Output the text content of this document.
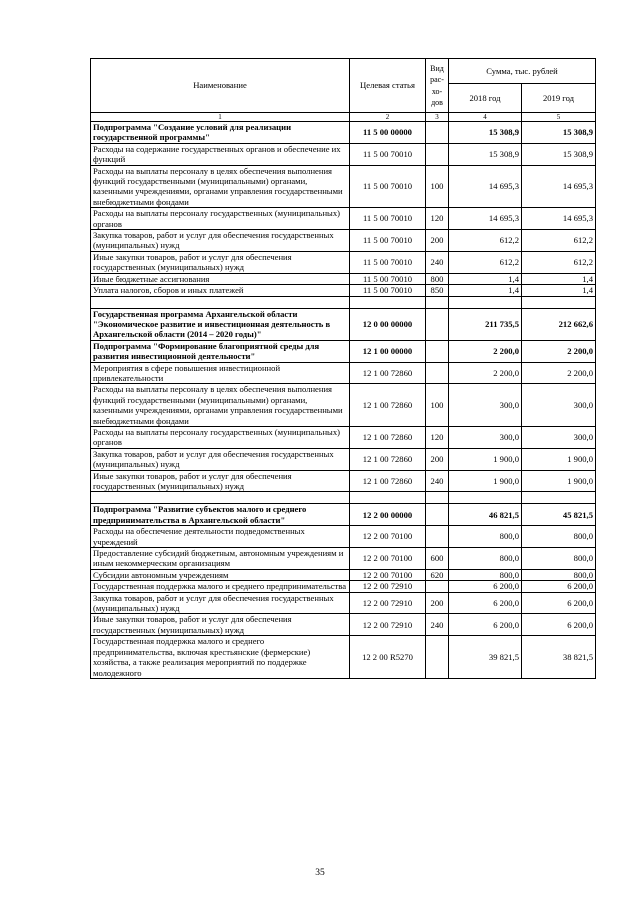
Наименование	Целевая статья	Вид рас- хо- дов	Сумма, тыс. рублей	
			2018 год	2019 год
1	2	3	4	5
Подпрограмма "Создание условий для реализации государственной программы"	11 5 00 00000		15 308,9	15 308,9
Расходы на содержание государственных органов и обеспечение их функций	11 5 00 70010		15 308,9	15 308,9
Расходы на выплаты персоналу в целях обеспечения выполнения функций государственными (муниципальными) органами, казенными учреждениями, органами управления государственными внебюджетными фондами	11 5 00 70010	100	14 695,3	14 695,3
Расходы на выплаты персоналу государственных (муниципальных) органов	11 5 00 70010	120	14 695,3	14 695,3
Закупка товаров, работ и услуг для обеспечения государственных (муниципальных) нужд	11 5 00 70010	200	612,2	612,2
Иные закупки товаров, работ и услуг для обеспечения государственных (муниципальных) нужд	11 5 00 70010	240	612,2	612,2
Иные бюджетные ассигнования	11 5 00 70010	800	1,4	1,4
Уплата налогов, сборов и иных платежей	11 5 00 70010	850	1,4	1,4

Государственная программа Архангельской области "Экономическое развитие и инвестиционная деятельность в Архангельской области (2014 – 2020 годы)"	12 0 00 00000		211 735,5	212 662,6
Подпрограмма "Формирование благоприятной среды для развития инвестиционной деятельности"	12 1 00 00000		2 200,0	2 200,0
Мероприятия в сфере повышения инвестиционной привлекательности	12 1 00 72860		2 200,0	2 200,0
Расходы на выплаты персоналу в целях обеспечения выполнения функций государственными (муниципальными) органами, казенными учреждениями, органами управления государственными внебюджетными фондами	12 1 00 72860	100	300,0	300,0
Расходы на выплаты персоналу государственных (муниципальных) органов	12 1 00 72860	120	300,0	300,0
Закупка товаров, работ и услуг для обеспечения государственных (муниципальных) нужд	12 1 00 72860	200	1 900,0	1 900,0
Иные закупки товаров, работ и услуг для обеспечения государственных (муниципальных) нужд	12 1 00 72860	240	1 900,0	1 900,0

Подпрограмма "Развитие субъектов малого и среднего предпринимательства в Архангельской области"	12 2 00 00000		46 821,5	45 821,5
Расходы на обеспечение деятельности подведомственных учреждений	12 2 00 70100		800,0	800,0
Предоставление субсидий бюджетным, автономным учреждениям и иным некоммерческим организациям	12 2 00 70100	600	800,0	800,0
Субсидии автономным учреждениям	12 2 00 70100	620	800,0	800,0
Государственная поддержка малого и среднего предпринимательства	12 2 00 72910		6 200,0	6 200,0
Закупка товаров, работ и услуг для обеспечения государственных (муниципальных) нужд	12 2 00 72910	200	6 200,0	6 200,0
Иные закупки товаров, работ и услуг для обеспечения государственных (муниципальных) нужд	12 2 00 72910	240	6 200,0	6 200,0
Государственная поддержка малого и среднего предпринимательства, включая крестьянские (фермерские) хозяйства, а также реализация мероприятий по поддержке молодежного	12 2 00 R5270		39 821,5	38 821,5
35
